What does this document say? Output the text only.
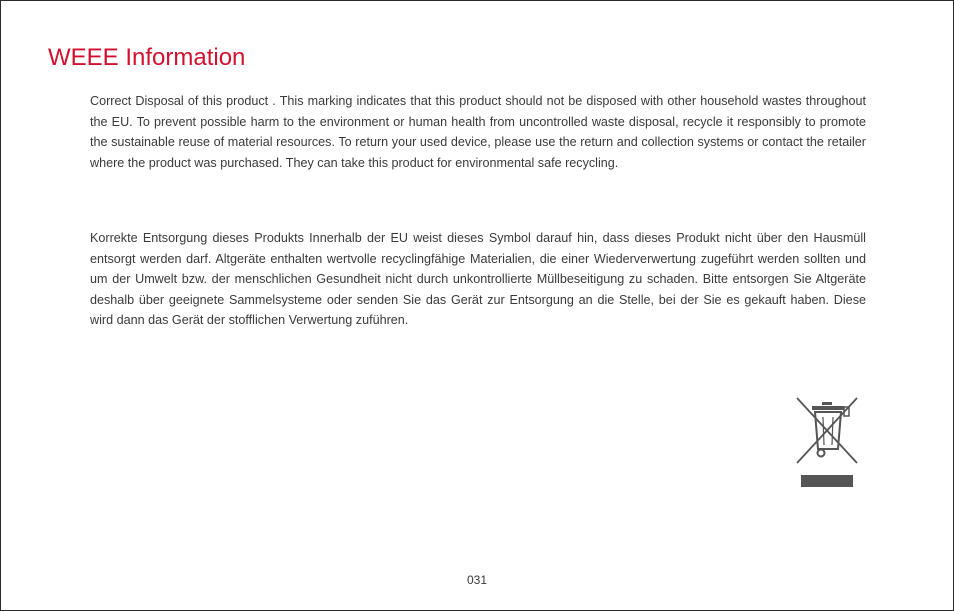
WEEE Information

Correct Disposal of this product . This marking indicates that this product should not be disposed with other household wastes throughout the EU. To prevent possible harm to the environment or human health from uncontrolled waste disposal, recycle it responsibly to promote the sustainable reuse of material resources. To return your used device, please use the return and collection systems or contact the retailer where the product was purchased. They can take this product for environmental safe recycling.

Korrekte Entsorgung dieses Produkts Innerhalb der EU weist dieses Symbol darauf hin, dass dieses Produkt nicht über den Hausmüll entsorgt werden darf. Altgeräte enthalten wertvolle recyclingfähige Materialien, die einer Wiederverwertung zugeführt werden sollten und um der Umwelt bzw. der menschlichen Gesundheit nicht durch unkontrollierte Müllbeseitigung zu schaden. Bitte entsorgen Sie Altgeräte deshalb über geeignete Sammelsysteme oder senden Sie das Gerät zur Entsorgung an die Stelle, bei der Sie es gekauft haben. Diese wird dann das Gerät der stofflichen Verwertung zuführen.

031
